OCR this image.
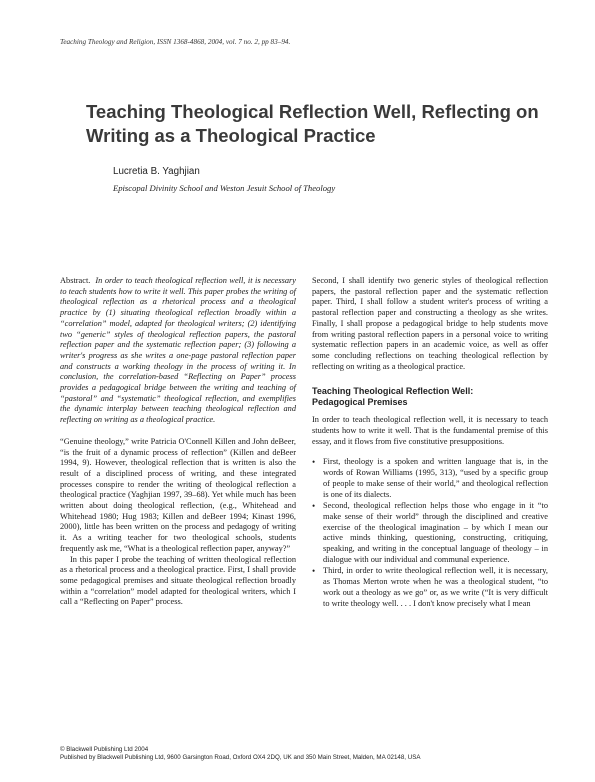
Teaching Theology and Religion, ISSN 1368-4868, 2004, vol. 7 no. 2, pp 83–94.
Teaching Theological Reflection Well, Reflecting on Writing as a Theological Practice
Lucretia B. Yaghjian
Episcopal Divinity School and Weston Jesuit School of Theology

Abstract. In order to teach theological reflection well, it is necessary to teach students how to write it well. This paper probes the writing of theological reflection as a rhetorical process and a theological practice by (1) situating theological reflection broadly within a “correlation” model, adapted for theological writers; (2) identifying two “generic” styles of theological reflection papers, the pastoral reflection paper and the systematic reflection paper; (3) following a writer's progress as she writes a one-page pastoral reflection paper and constructs a working theology in the process of writing it. In conclusion, the correlation-based “Reflecting on Paper” process provides a pedagogical bridge between the writing and teaching of “pastoral” and “systematic” theological reflection, and exemplifies the dynamic interplay between teaching theological reflection and reflecting on writing as a theological practice.

“Genuine theology,” write Patricia O'Connell Killen and John deBeer, “is the fruit of a dynamic process of reflection” (Killen and deBeer 1994, 9). However, theological reflection that is written is also the result of a disciplined process of writing, and these integrated processes conspire to render the writing of theological reflection a theological practice (Yaghjian 1997, 39–68). Yet while much has been written about doing theological reflection, (e.g., Whitehead and Whitehead 1980; Hug 1983; Killen and deBeer 1994; Kinast 1996, 2000), little has been written on the process and pedagogy of writing it. As a writing teacher for two theological schools, students frequently ask me, “What is a theological reflection paper, anyway?”

In this paper I probe the teaching of written theological reflection as a rhetorical process and a theological practice. First, I shall provide some pedagogical premises and situate theological reflection broadly within a “correlation” model adapted for theological writers, which I call a “Reflecting on Paper” process.

Second, I shall identify two generic styles of theological reflection papers, the pastoral reflection paper and the systematic reflection paper. Third, I shall follow a student writer's process of writing a pastoral reflection paper and constructing a theology as she writes. Finally, I shall propose a pedagogical bridge to help students move from writing pastoral reflection papers in a personal voice to writing systematic reflection papers in an academic voice, as well as offer some concluding reflections on teaching theological reflection by reflecting on writing as a theological practice.

Teaching Theological Reflection Well:
Pedagogical Premises

In order to teach theological reflection well, it is necessary to teach students how to write it well. That is the fundamental premise of this essay, and it flows from five constitutive presuppositions.

• First, theology is a spoken and written language that is, in the words of Rowan Williams (1995, 313), “used by a specific group of people to make sense of their world,” and theological reflection is one of its dialects.
• Second, theological reflection helps those who engage in it “to make sense of their world” through the disciplined and creative exercise of the theological imagination – by which I mean our active minds thinking, questioning, constructing, critiquing, speaking, and writing in the conceptual language of theology – in dialogue with our individual and communal experience.
• Third, in order to write theological reflection well, it is necessary, as Thomas Merton wrote when he was a theological student, “to work out a theology as we go” or, as we write (“It is very difficult to write theology well. . . . I don't know precisely what I mean
© Blackwell Publishing Ltd 2004
Published by Blackwell Publishing Ltd, 9600 Garsington Road, Oxford OX4 2DQ, UK and 350 Main Street, Malden, MA 02148, USA
